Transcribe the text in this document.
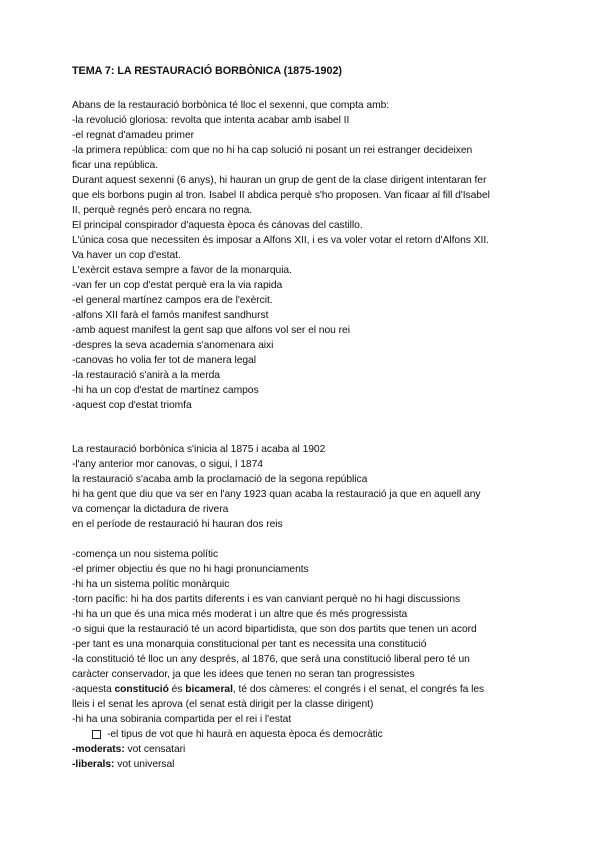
TEMA 7: LA RESTAURACIÓ BORBÒNICA (1875-1902)
Abans de la restauració borbònica té lloc el sexenni, que compta amb:
-la revolució gloriosa: revolta que intenta acabar amb isabel II
-el regnat d'amadeu primer
-la primera república: com que no hi ha cap solució ni posant un rei estranger decideixen
ficar una república.
Durant aquest sexenni (6 anys), hi hauran un grup de gent de la clase dirigent intentaran fer
que els borbons pugin al tron. Isabel II abdica perquè s'ho proposen. Van ficaar al fill d'Isabel
II, perquè regnés però encara no regna.
El principal conspirador d'aquesta època és cánovas del castillo.
L'única cosa que necessiten és imposar a Alfons XII, i es va voler votar el retorn d'Alfons XII.
Va haver un cop d'estat.
L'exèrcit estava sempre a favor de la monarquia.
-van fer un cop d'estat perquè era la via rapida
-el general martínez campos era de l'exèrcit.
-alfons XII farà el famós manifest sandhurst
-amb aquest manifest la gent sap que alfons vol ser el nou rei
-despres la seva academia s'anomenara aixi
-canovas ho volia fer tot de manera legal
-la restauració s'anirà a la merda
-hi ha un cop d'estat de martínez campos
-aquest cop d'estat triomfa
La restauració borbònica s'inicia al 1875 i acaba al 1902
-l'any anterior mor canovas, o sigui, l 1874
la restauració s'acaba amb la proclamació de la segona república
hi ha gent que diu que va ser en l'any 1923 quan acaba la restauració ja que en aquell any
va començar la dictadura de rivera
en el període de restauració hi hauran dos reis
-comença un nou sistema polític
-el primer objectiu és que no hi hagi pronunciaments
-hi ha un sistema polític monàrquic
-torn pacífic: hi ha dos partits diferents i es van canviant perquè no hi hagi discussions
-hi ha un que és una mica més moderat i un altre que és més progressista
-o sigui que la restauració té un acord bipartidista, que son dos partits que tenen un acord
-per tant es una monarquia constitucional per tant es necessita una constitució
-la constitució té lloc un any després, al 1876, que serà una constitució liberal pero té un
caràcter conservador, ja que les idees que tenen no seran tan progressistes
-aquesta constitució és bicameral, té dos càmeres: el congrés i el senat, el congrés fa les
lleis i el senat les aprova (el senat està dirigit per la classe dirigent)
-hi ha una sobirania compartida per el rei i l'estat
-el tipus de vot que hi haurà en aquesta època és democràtic
-moderats: vot censatari
-liberals: vot universal
